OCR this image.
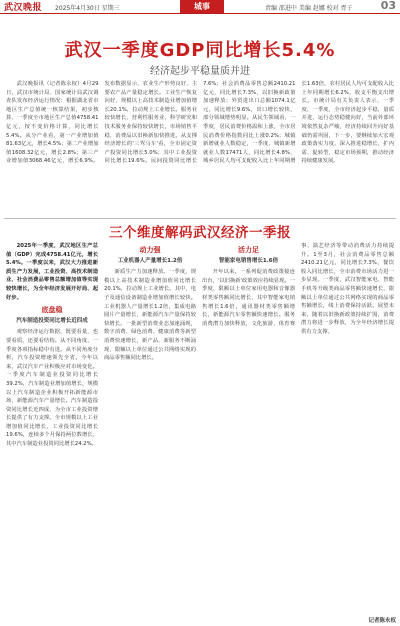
武汉晚报 2025年4月30日 星期三	城事	责编 邵进中 美编 赵娜 校对 胥子	03
武汉一季度GDP同比增长5.4%
经济起步平稳量质并进

武汉晚报讯（记者陈永权）4月29日，武汉市统计局、国家统计局武汉调查队发布经济运行情况：根据湖北省市地区生产总值统一核算结果，初步核算，一季度全市地区生产总值4758.41亿元，按不变价格计算，同比增长5.4%。从分产业看，第一产业增加值81.63亿元，增长4.5%；第二产业增加值1608.32亿元，增长2.8%；第三产业增加值3068.46亿元，增长6.9%。发布数据显示，农业生产形势良好，主要农产品产量稳定增长。工业生产恢复向好，规模以上高技术制造业增加值增长20.1%，拉动规上工业增长。服务业较快增长，营利性服务业、科学研究和技术服务业保持较快增长，市场销售平稳，消费品以旧换新加快推进。从支撑经济增长的'三驾马车'看，全市固定资产投资同比增长5.0%；其中工业投资同比增长19.6%。民间投资同比增长7.6%；社会消费品零售总额2410.21亿元，同比增长7.3%，以旧换新政策加速释放；外贸进出口总额1074.1亿元，同比增长9.6%，出口增长较快，部分领域增势明显。从民生领域看，一季度，居民消费价格温和上涨，全市居民消费价格指数同比上涨0.2%；城镇新增就业人数稳定，一季度，城镇新增就业人数17471人，同比增长4.8%，城乡居民人均可支配收入比上年同期增长1.63倍，农村居民人均可支配收入比上年同期增长6.2%，收支平衡支出增长。市统计局有关负责人表示，一季度，一季度，全市经济起步平稳，量质并进，运行态势稳健向好，当前外部环境依然复杂严峻，经济持续回升向好基础仍需巩固，下一步，要继续加大宏观政策落实力度，深入推进稳增长、扩内需、促转型，稳定市场预期，推动经济持续健康发展。

三个维度解码武汉经济一季报

2025年一季度，武汉地区生产总值（GDP）完成4758.41亿元，增长5.4%。一季度以来，武汉大力推进新质生产力发展，工业投资、高技术制造业、社会消费品零售总额增加值等实现较快增长，为全年经济发展开好局、起好步。

底盘稳
汽车制造投资同比增长近四成

观察经济运行数据，既要看量，也要看质，还要看结构。从不同角度，一季度各项指标稳中有进。从不同角度分析，汽车投资增速领先全省。今年以来，武汉汽车产业积极应对市场变化。一季度汽车制造业投资同比增长39.2%，汽车制造业增加值增长，规模以上汽车制造企业积极开拓新能源市场，新能源汽车产量增长。汽车制造投资同比增长近四成，为全市工业投资增长提供了有力支撑。全市规模以上工业增加值同比增长，工业投资同比增长19.6%，连续多个月保持两位数增长，其中汽车制造业投资同比增长24.2%。

动力强
工业机器人产量增长1.2倍

新质生产力加速释放。一季度，规模以上高技术制造业增加值同比增长20.1%，拉动规上工业增长。其中，电子及通信设备制造业增加值增长较快。工业机器人产量增长1.2倍，集成电路圆片产量增长，新能源汽车产量保持较快增长。一批新型消费业态加速涌现，数字消费、绿色消费、健康消费等新型消费快速增长，新产品、新服务不断涌现，限额以上单位通过公共网络实现的商品零售额同比增长。

活力足
智能家电销售增长1.6倍

开年以来，一系列促消费政策接连出台，'以旧换新'政策效应持续显现。一季度，限额以上单位家用电器和音像器材类零售额同比增长，其中智能家电销售增长1.6倍，通讯器材类零售额增长，新能源汽车零售额快速增长。服务消费潜力加快释放，文化旅游、体育赛事、演艺经济等带动消费活力持续提升。1至3月，社会消费品零售总额2410.21亿元，同比增长7.3%，餐饮收入同比增长，全市消费市场活力进一步显现。一季度，武汉智能家电、智能手机等升级类商品零售额快速增长，限额以上单位通过公共网络实现的商品零售额增长，线上消费保持活跃。展望未来，随着以旧换新政策持续扩围，消费潜力将进一步释放，为全年经济增长提供有力支撑。

记者陈永权
